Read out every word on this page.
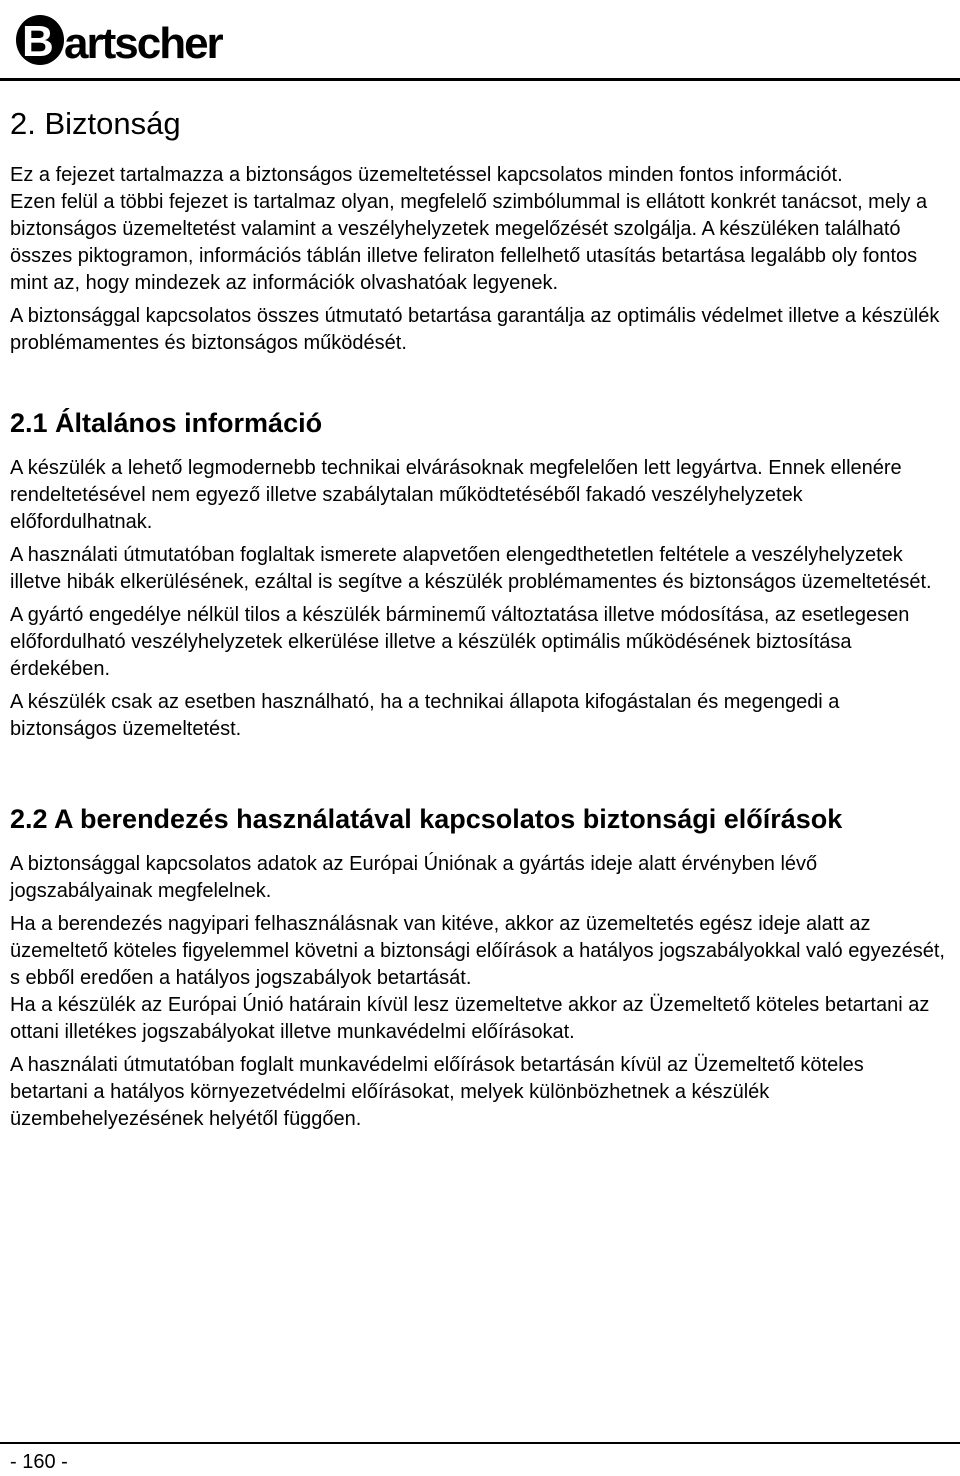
B artscher
2. Biztonság

Ez a fejezet tartalmazza a biztonságos üzemeltetéssel kapcsolatos minden fontos információt.

Ezen felül a többi fejezet is tartalmaz olyan, megfelelő szimbólummal is ellátott konkrét tanácsot, mely a biztonságos üzemeltetést valamint a veszélyhelyzetek megelőzését szolgálja. A készüléken található összes piktogramon, információs táblán illetve feliraton fellelhető utasítás betartása legalább oly fontos mint az, hogy mindezek az információk olvashatóak legyenek.

A biztonsággal kapcsolatos összes útmutató betartása garantálja az optimális védelmet illetve a készülék problémamentes és biztonságos működését.

2.1 Általános információ

A készülék a lehető legmodernebb technikai elvárásoknak megfelelően lett legyártva. Ennek ellenére rendeltetésével nem egyező illetve szabálytalan működtetéséből fakadó veszélyhelyzetek előfordulhatnak.

A használati útmutatóban foglaltak ismerete alapvetően elengedthetetlen feltétele a veszélyhelyzetek illetve hibák elkerülésének, ezáltal is segítve a készülék problémamentes és biztonságos üzemeltetését.

A gyártó engedélye nélkül tilos a készülék bárminemű változtatása illetve módosítása, az esetlegesen előfordulható veszélyhelyzetek elkerülése illetve a készülék optimális működésének biztosítása érdekében.

A készülék csak az esetben használható, ha a technikai állapota kifogástalan és megengedi a biztonságos üzemeltetést.

2.2 A berendezés használatával kapcsolatos biztonsági előírások

A biztonsággal kapcsolatos adatok az Európai Úniónak a gyártás ideje alatt érvényben lévő jogszabályainak megfelelnek.

Ha a berendezés nagyipari felhasználásnak van kitéve, akkor az üzemeltetés egész ideje alatt az üzemeltető köteles figyelemmel követni a biztonsági előírások a hatályos jogszabályokkal való egyezését, s ebből eredően a hatályos jogszabályok betartását.

Ha a készülék az Európai Únió határain kívül lesz üzemeltetve akkor az Üzemeltető köteles betartani az ottani illetékes jogszabályokat illetve munkavédelmi előírásokat.

A használati útmutatóban foglalt munkavédelmi előírások betartásán kívül az Üzemeltető köteles betartani a hatályos környezetvédelmi előírásokat, melyek különbözhetnek a készülék üzembehelyezésének helyétől függően.

- 160 -
